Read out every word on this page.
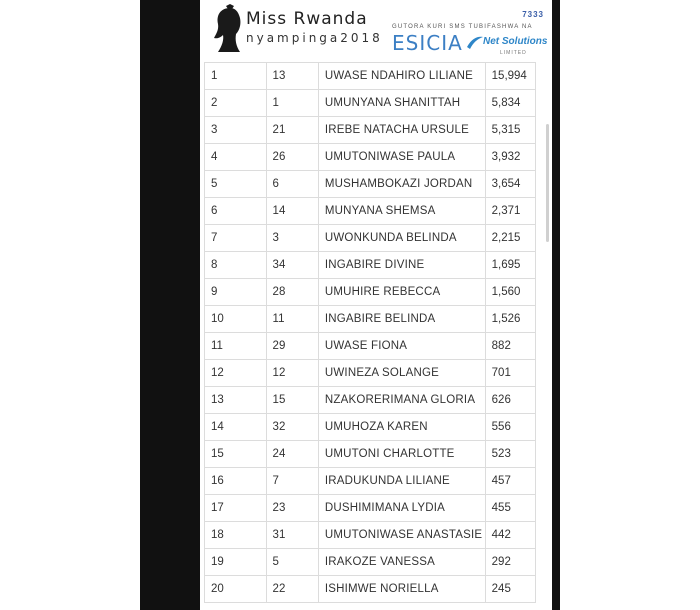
Miss Rwanda
nyampinga2018
7333
GUTORA KURI SMS TUBIFASHWA NA
ESICIA Net Solutions
LIMITED
1	13	UWASE NDAHIRO LILIANE	15,994
2	1	UMUNYANA SHANITTAH	5,834
3	21	IREBE NATACHA URSULE	5,315
4	26	UMUTONIWASE PAULA	3,932
5	6	MUSHAMBOKAZI JORDAN	3,654
6	14	MUNYANA SHEMSA	2,371
7	3	UWONKUNDA BELINDA	2,215
8	34	INGABIRE DIVINE	1,695
9	28	UMUHIRE REBECCA	1,560
10	11	INGABIRE BELINDA	1,526
11	29	UWASE FIONA	882
12	12	UWINEZA SOLANGE	701
13	15	NZAKORERIMANA GLORIA	626
14	32	UMUHOZA KAREN	556
15	24	UMUTONI CHARLOTTE	523
16	7	IRADUKUNDA LILIANE	457
17	23	DUSHIMIMANA LYDIA	455
18	31	UMUTONIWASE ANASTASIE	442
19	5	IRAKOZE VANESSA	292
20	22	ISHIMWE NORIELLA	245
